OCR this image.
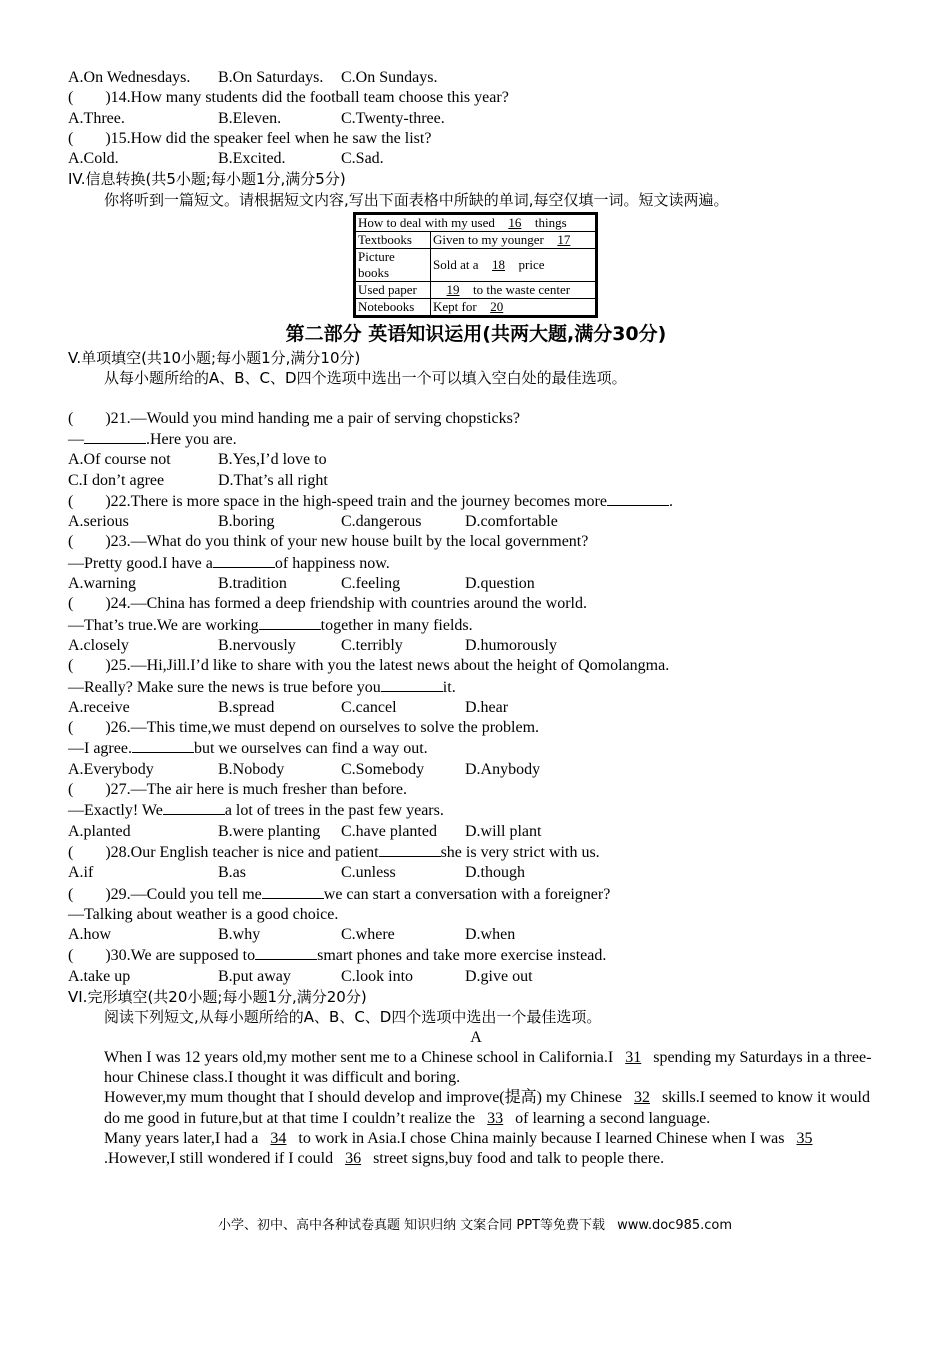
A.On Wednesdays. B.On Saturdays. C.On Sundays.
(　　)14.How many students did the football team choose this year?
A.Three.	B.Eleven.	C.Twenty-three.
(　　)15.How did the speaker feel when he saw the list?
A.Cold.	B.Excited.	C.Sad.
IV.信息转换(共5小题;每小题1分,满分5分)
你将听到一篇短文。请根据短文内容,写出下面表格中所缺的单词,每空仅填一词。短文读两遍。
How to deal with my used 16 things	
Textbooks	Given to my younger 17
Picture books	Sold at a 18 price
Used paper	19 to the waste center
Notebooks	Kept for 20
第二部分 英语知识运用(共两大题,满分30分)
V.单项填空(共10小题;每小题1分,满分10分)
从每小题所给的A、B、C、D四个选项中选出一个可以填入空白处的最佳选项。
(　　)21.—Would you mind handing me a pair of serving chopsticks?
—	.Here you are.
A.Of course not	B.Yes,I’d love to
C.I don’t agree	D.That’s all right
(　　)22.There is more space in the high-speed train and the journey becomes more	.
A.serious	B.boring	C.dangerous	D.comfortable
(　　)23.—What do you think of your new house built by the local government?
—Pretty good.I have a	of happiness now.
A.warning	B.tradition	C.feeling	D.question
(　　)24.—China has formed a deep friendship with countries around the world.
—That’s true.We are working	together in many fields.
A.closely	B.nervously	C.terribly	D.humorously
(　　)25.—Hi,Jill.I’d like to share with you the latest news about the height of Qomolangma.
—Really? Make sure the news is true before you	it.
A.receive	B.spread	C.cancel	D.hear
(　　)26.—This time,we must depend on ourselves to solve the problem.
—I agree.	but we ourselves can find a way out.
A.Everybody	B.Nobody	C.Somebody	D.Anybody
(　　)27.—The air here is much fresher than before.
—Exactly! We	a lot of trees in the past few years.
A.planted	B.were planting C.have planted D.will plant
(　　)28.Our English teacher is nice and patient	she is very strict with us.
A.if	B.as	C.unless	D.though
(　　)29.—Could you tell me	we can start a conversation with a foreigner?
—Talking about weather is a good choice.
A.how	B.why	C.where	D.when
(　　)30.We are supposed to	smart phones and take more exercise instead.
A.take up	B.put away	C.look into	D.give out
VI.完形填空(共20小题;每小题1分,满分20分)
阅读下列短文,从每小题所给的A、B、C、D四个选项中选出一个最佳选项。
A
When I was 12 years old,my mother sent me to a Chinese school in California.I 31 spending my Saturdays in a three-hour Chinese class.I thought it was difficult and boring.
However,my mum thought that I should develop and improve(提高) my Chinese 32 skills.I seemed to know it would do me good in future,but at that time I couldn’t realize the 33 of learning a second language.
Many years later,I had a 34 to work in Asia.I chose China mainly because I learned Chinese when I was 35.However,I still wondered if I could 36 street signs,buy food and talk to people there.
小学、初中、高中各种试卷真题 知识归纳 文案合同 PPT等免费下载 www.doc985.com
